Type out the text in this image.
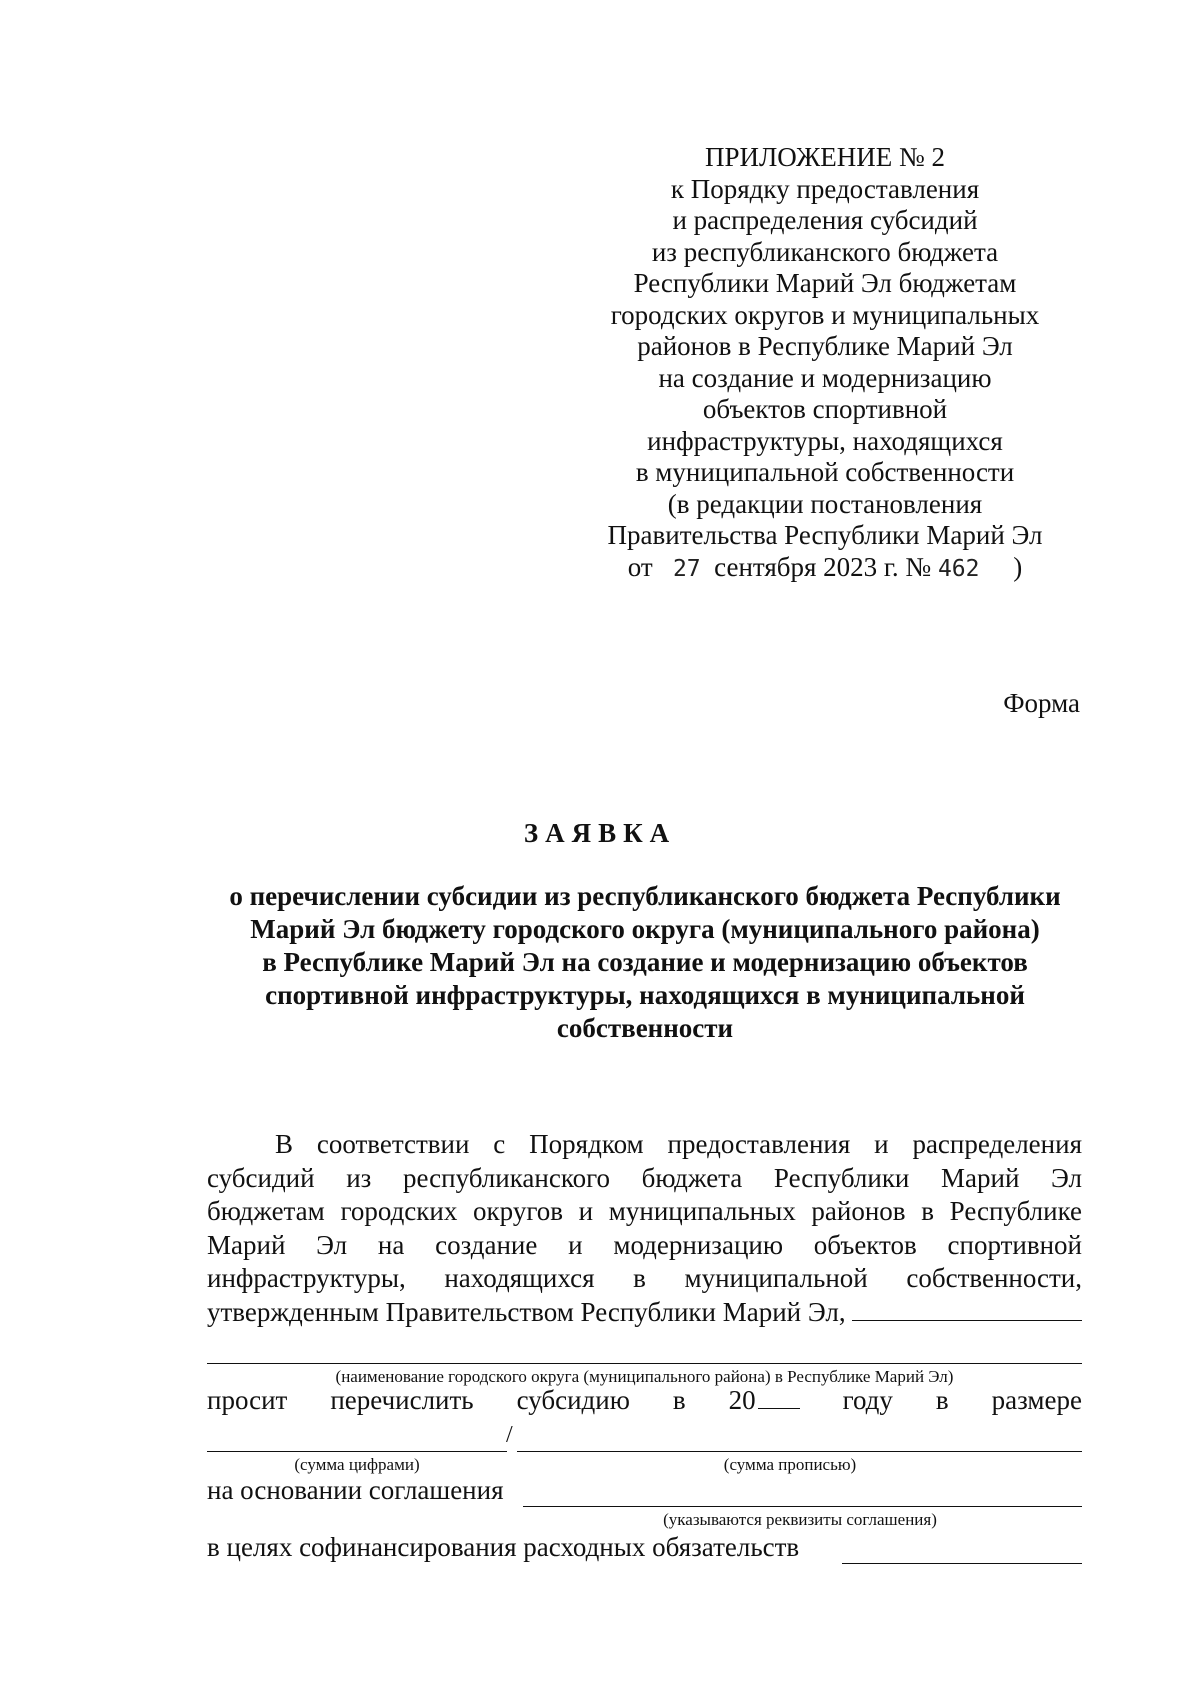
ПРИЛОЖЕНИЕ № 2
к Порядку предоставления
и распределения субсидий
из республиканского бюджета
Республики Марий Эл бюджетам
городских округов и муниципальных
районов в Республике Марий Эл
на создание и модернизацию
объектов спортивной
инфраструктуры, находящихся
в муниципальной собственности
(в редакции постановления
Правительства Республики Марий Эл
от 27 сентября 2023 г. № 462 )
Форма
ЗАЯВКА
о перечислении субсидии из республиканского бюджета Республики
Марий Эл бюджету городского округа (муниципального района)
в Республике Марий Эл на создание и модернизацию объектов
спортивной инфраструктуры, находящихся в муниципальной
собственности
В соответствии с Порядком предоставления и распределения
субсидий из республиканского бюджета Республики Марий Эл
бюджетам городских округов и муниципальных районов в Республике
Марий Эл на создание и модернизацию объектов спортивной
инфраструктуры, находящихся в муниципальной собственности,
утвержденным Правительством Республики Марий Эл,
(наименование городского округа (муниципального района) в Республике Марий Эл)
просит перечислить субсидию в 20	году в размере
/
(сумма цифрами)	(сумма прописью)
на основании соглашения
(указываются реквизиты соглашения)
в целях софинансирования расходных обязательств
